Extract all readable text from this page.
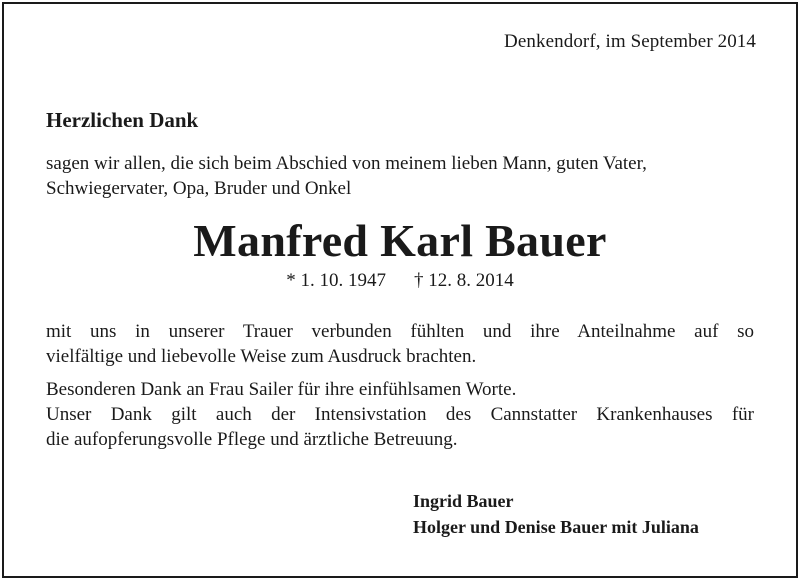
Denkendorf, im September 2014
Herzlichen Dank
sagen wir allen, die sich beim Abschied von meinem lieben Mann, guten Vater,
Schwiegervater, Opa, Bruder und Onkel
Manfred Karl Bauer
* 1. 10. 1947 † 12. 8. 2014
mit uns in unserer Trauer verbunden fühlten und ihre Anteilnahme auf so
vielfältige und liebevolle Weise zum Ausdruck brachten.
Besonderen Dank an Frau Sailer für ihre einfühlsamen Worte.
Unser Dank gilt auch der Intensivstation des Cannstatter Krankenhauses für
die aufopferungsvolle Pflege und ärztliche Betreuung.
Ingrid Bauer
Holger und Denise Bauer mit Juliana
